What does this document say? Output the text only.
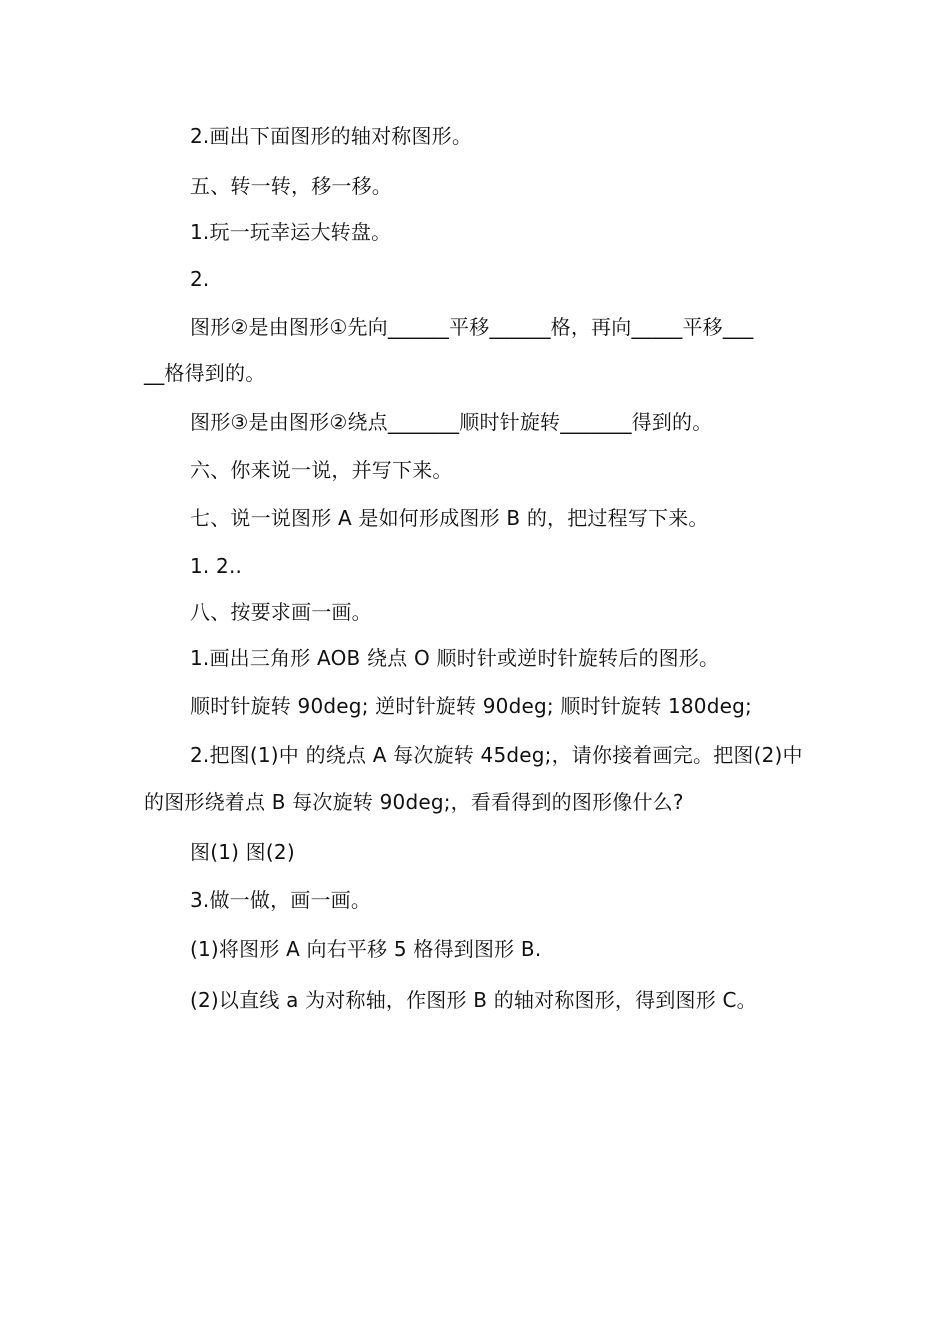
2.画出下面图形的轴对称图形。
五、转一转，移一移。
1.玩一玩幸运大转盘。
2.
图形②是由图形①先向______平移______格，再向_____平移___
__格得到的。
图形③是由图形②绕点_______顺时针旋转_______得到的。
六、你来说一说，并写下来。
七、说一说图形 A 是如何形成图形 B 的，把过程写下来。
1. 2..
八、按要求画一画。
1.画出三角形 AOB 绕点 O 顺时针或逆时针旋转后的图形。
顺时针旋转 90deg; 逆时针旋转 90deg; 顺时针旋转 180deg;
2.把图(1)中 的绕点 A 每次旋转 45deg;，请你接着画完。把图(2)中
的图形绕着点 B 每次旋转 90deg;，看看得到的图形像什么?
图(1) 图(2)
3.做一做，画一画。
(1)将图形 A 向右平移 5 格得到图形 B.
(2)以直线 a 为对称轴，作图形 B 的轴对称图形，得到图形 C。
